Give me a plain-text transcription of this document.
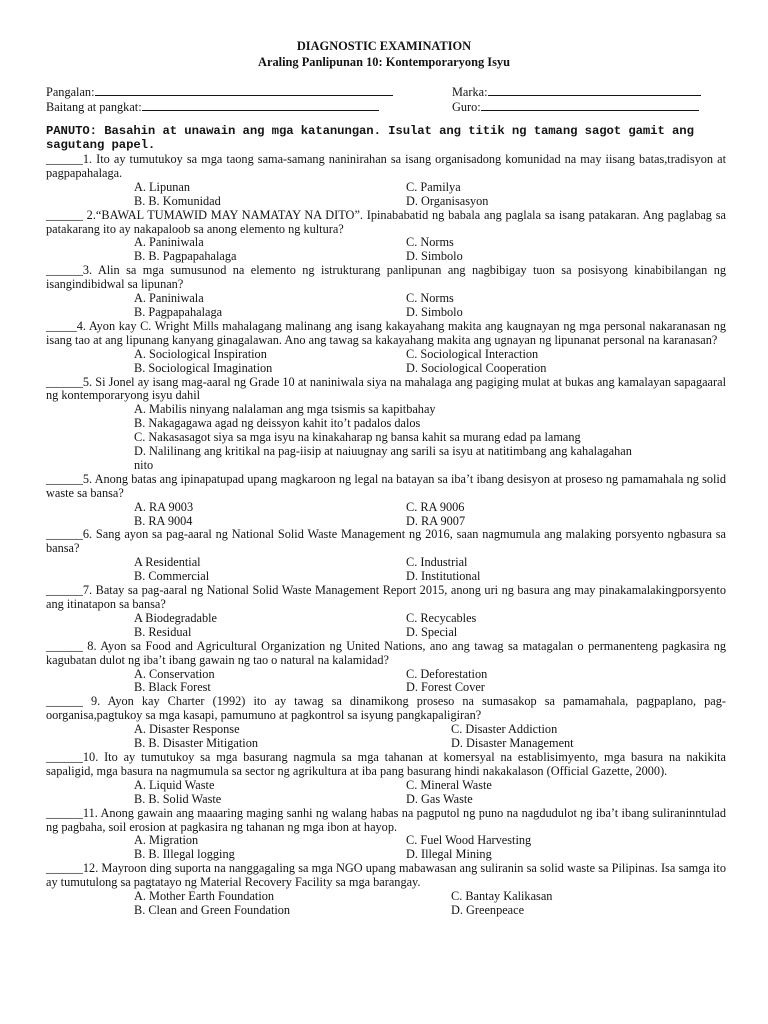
DIAGNOSTIC EXAMINATION
Araling Panlipunan 10: Kontemporaryong Isyu
Pangalan:	Marka:
Baitang at pangkat:	Guro:
PANUTO: Basahin at unawain ang mga katanungan. Isulat ang titik ng tamang sagot gamit ang sagutang papel.
______1. Ito ay tumutukoy sa mga taong sama-samang naninirahan sa isang organisadong komunidad na may iisang batas,tradisyon at pagpapahalaga.
A. Lipunan	C. Pamilya
B. B. Komunidad	D. Organisasyon
______ 2.“BAWAL TUMAWID MAY NAMATAY NA DITO”. Ipinababatid ng babala ang paglala sa isang patakaran. Ang paglabag sa patakarang ito ay nakapaloob sa anong elemento ng kultura?
A. Paniniwala	C. Norms
B. B. Pagpapahalaga	D. Simbolo
______3. Alin sa mga sumusunod na elemento ng istrukturang panlipunan ang nagbibigay tuon sa posisyong kinabibilangan ng isangindibidwal sa lipunan?
A. Paniniwala	C. Norms
B. Pagpapahalaga	D. Simbolo
_____4. Ayon kay C. Wright Mills mahalagang malinang ang isang kakayahang makita ang kaugnayan ng mga personal nakaranasan ng isang tao at ang lipunang kanyang ginagalawan. Ano ang tawag sa kakayahang makita ang ugnayan ng lipunanat personal na karanasan?
A. Sociological Inspiration	C. Sociological Interaction
B. Sociological Imagination	D. Sociological Cooperation
______5. Si Jonel ay isang mag-aaral ng Grade 10 at naniniwala siya na mahalaga ang pagiging mulat at bukas ang kamalayan sapagaaral ng kontemporaryong isyu dahil
A. Mabilis ninyang nalalaman ang mga tsismis sa kapitbahay
B. Nakagagawa agad ng deissyon kahit ito’t padalos dalos
C. Nakasasagot siya sa mga isyu na kinakaharap ng bansa kahit sa murang edad pa lamang
D. Nalilinang ang kritikal na pag-iisip at naiuugnay ang sarili sa isyu at natitimbang ang kahalagahan nito
______5. Anong batas ang ipinapatupad upang magkaroon ng legal na batayan sa iba’t ibang desisyon at proseso ng pamamahala ng solid waste sa bansa?
A. RA 9003	C. RA 9006
B. RA 9004	D. RA 9007
______6. Sang ayon sa pag-aaral ng National Solid Waste Management ng 2016, saan nagmumula ang malaking porsyento ngbasura sa bansa?
A Residential	C. Industrial
B. Commercial	D. Institutional
______7. Batay sa pag-aaral ng National Solid Waste Management Report 2015, anong uri ng basura ang may pinakamalakingporsyento ang itinatapon sa bansa?
A Biodegradable	C. Recycables
B. Residual	D. Special
______ 8. Ayon sa Food and Agricultural Organization ng United Nations, ano ang tawag sa matagalan o permanenteng pagkasira ng kagubatan dulot ng iba’t ibang gawain ng tao o natural na kalamidad?
A. Conservation	C. Deforestation
B. Black Forest	D. Forest Cover
______ 9. Ayon kay Charter (1992) ito ay tawag sa dinamikong proseso na sumasakop sa pamamahala, pagpaplano, pag-oorganisa,pagtukoy sa mga kasapi, pamumuno at pagkontrol sa isyung pangkapaligiran?
A. Disaster Response	C. Disaster Addiction
B. B. Disaster Mitigation	D. Disaster Management
______10. Ito ay tumutukoy sa mga basurang nagmula sa mga tahanan at komersyal na establisimyento, mga basura na nakikita sapaligid, mga basura na nagmumula sa sector ng agrikultura at iba pang basurang hindi nakakalason (Official Gazette, 2000).
A. Liquid Waste	C. Mineral Waste
B. B. Solid Waste	D. Gas Waste
______11. Anong gawain ang maaaring maging sanhi ng walang habas na pagputol ng puno na nagdudulot ng iba’t ibang suliraninntulad ng pagbaha, soil erosion at pagkasira ng tahanan ng mga ibon at hayop.
A. Migration	C. Fuel Wood Harvesting
B. B. Illegal logging	D. Illegal Mining
______12. Mayroon ding suporta na nanggagaling sa mga NGO upang mabawasan ang suliranin sa solid waste sa Pilipinas. Isa samga ito ay tumutulong sa pagtatayo ng Material Recovery Facility sa mga barangay.
A. Mother Earth Foundation	C. Bantay Kalikasan
B. Clean and Green Foundation	D. Greenpeace
